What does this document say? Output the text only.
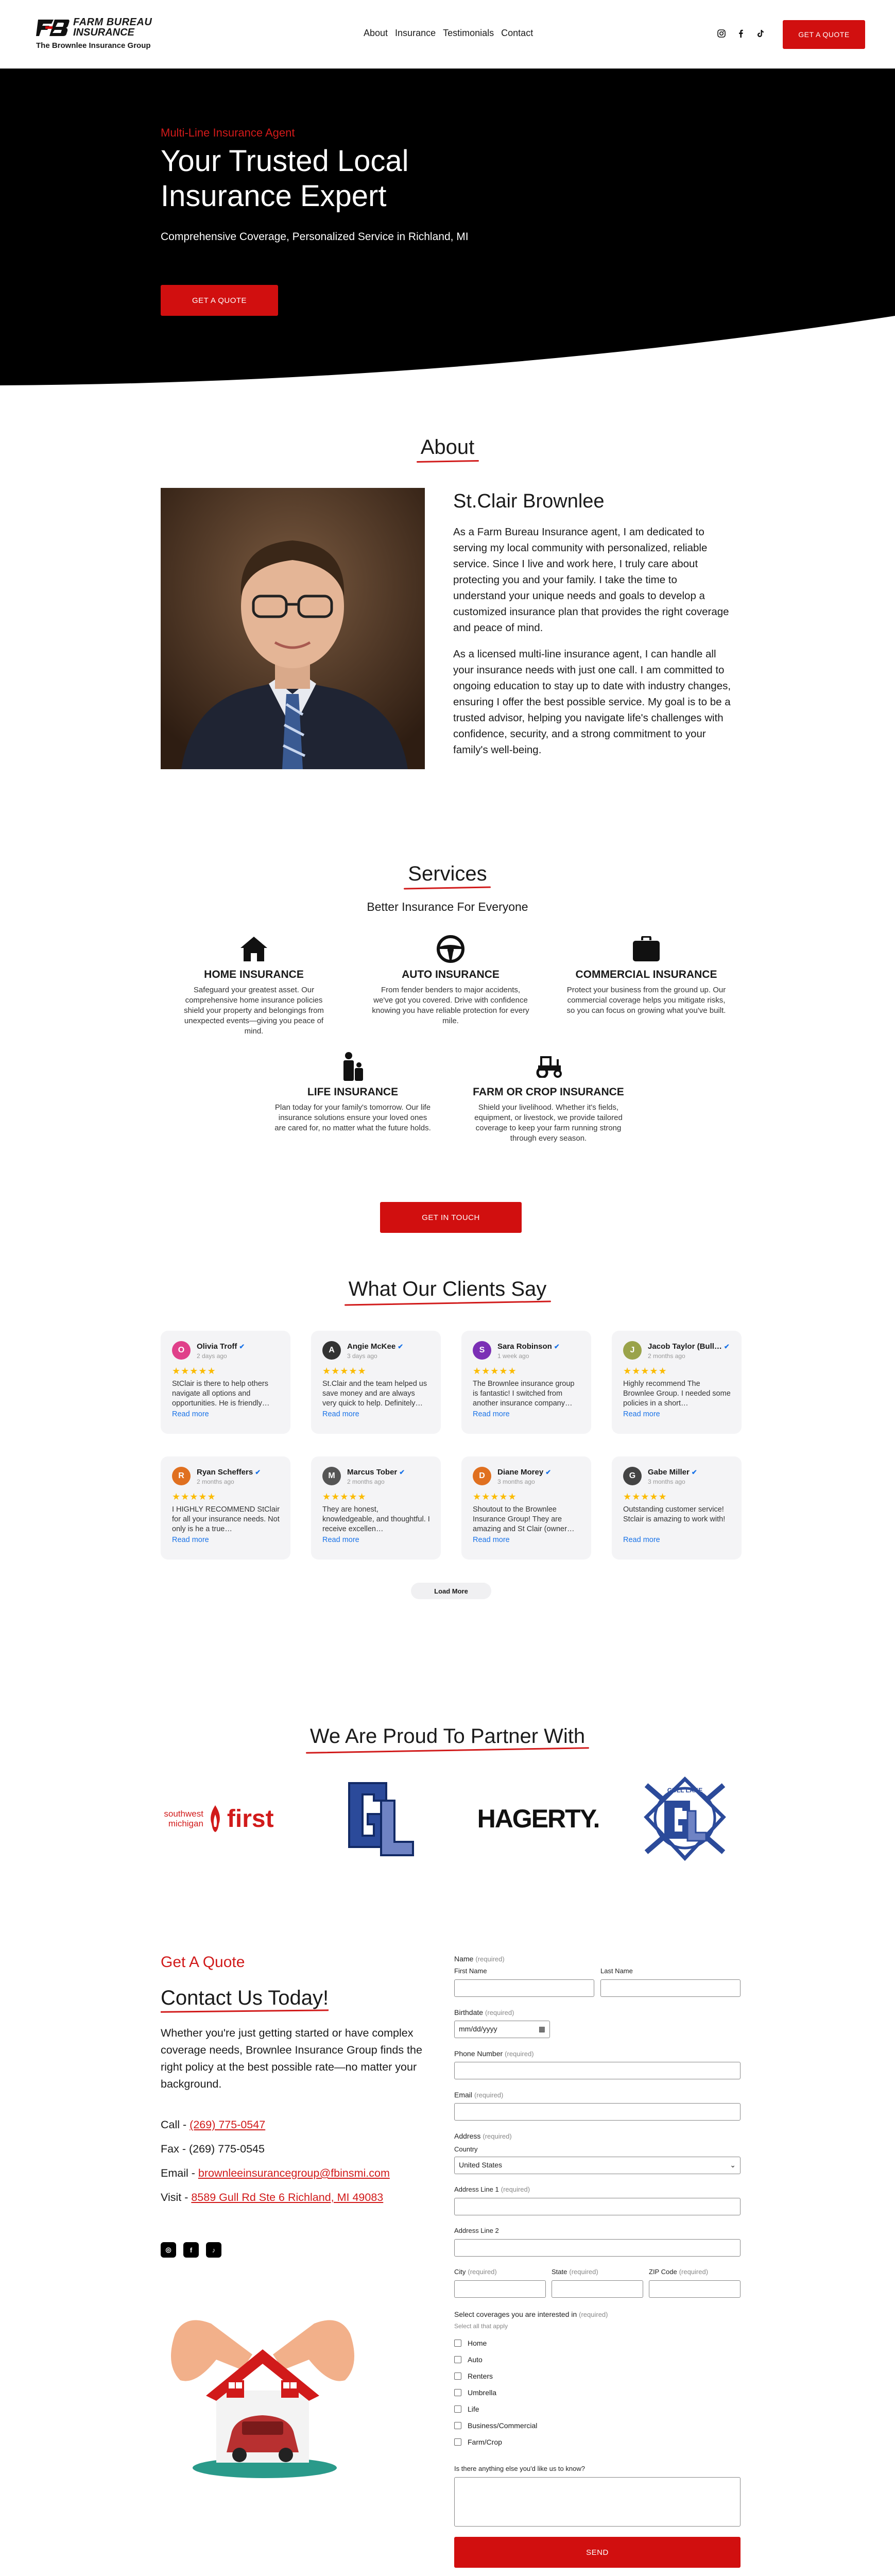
FARM BUREAU
INSURANCE
The Brownlee Insurance Group
About Insurance Testimonials Contact	GET A QUOTE
Multi-Line Insurance Agent
Your Trusted Local Insurance Expert
Comprehensive Coverage, Personalized Service in Richland, MI
GET A QUOTE
About
St.Clair Brownlee

As a Farm Bureau Insurance agent, I am dedicated to serving my local community with personalized, reliable service. Since I live and work here, I truly care about protecting you and your family. I take the time to understand your unique needs and goals to develop a customized insurance plan that provides the right coverage and peace of mind.

As a licensed multi-line insurance agent, I can handle all your insurance needs with just one call. I am committed to ongoing education to stay up to date with industry changes, ensuring I offer the best possible service. My goal is to be a trusted advisor, helping you navigate life's challenges with confidence, security, and a strong commitment to your family's well-being.

Services
Better Insurance For Everyone
HOME INSURANCE

Safeguard your greatest asset. Our comprehensive home insurance policies shield your property and belongings from unexpected events—giving you peace of mind.

AUTO INSURANCE

From fender benders to major accidents, we've got you covered. Drive with confidence knowing you have reliable protection for every mile.

COMMERCIAL INSURANCE

Protect your business from the ground up. Our commercial coverage helps you mitigate risks, so you can focus on growing what you've built.

LIFE INSURANCE

Plan today for your family's tomorrow. Our life insurance solutions ensure your loved ones are cared for, no matter what the future holds.

FARM OR CROP INSURANCE

Shield your livelihood. Whether it's fields, equipment, or livestock, we provide tailored coverage to keep your farm running strong through every season.

GET IN TOUCH
What Our Clients Say
O	Olivia Troff ✔
2 days ago
★★★★★
StClair is there to help others navigate all options and opportunities. He is friendly…
Read more
A	Angie McKee ✔
3 days ago
★★★★★
St.Clair and the team helped us save money and are always very quick to help. Definitely…
Read more
S	Sara Robinson ✔
1 week ago
★★★★★
The Brownlee insurance group is fantastic! I switched from another insurance company…
Read more
J	Jacob Taylor (Bull… ✔
2 months ago
★★★★★
Highly recommend The Brownlee Group. I needed some policies in a short…
Read more
R	Ryan Scheffers ✔
2 months ago
★★★★★
I HIGHLY RECOMMEND StClair for all your insurance needs. Not only is he a true…
Read more
M	Marcus Tober ✔
2 months ago
★★★★★
They are honest, knowledgeable, and thoughtful. I receive excellen…
Read more
D	Diane Morey ✔
3 months ago
★★★★★
Shoutout to the Brownlee Insurance Group! They are amazing and St Clair (owner…
Read more
G	Gabe Miller ✔
3 months ago
★★★★★
Outstanding customer service! Stclair is amazing to work with!
Read more
Load More
We Are Proud To Partner With
southwest
michigan first	HAGERTY.
GULL LAKE
Get A Quote
Contact Us Today!

Whether you're just getting started or have complex coverage needs, Brownlee Insurance Group finds the right policy at the best possible rate—no matter your background.

Call - (269) 775-0547
Fax - (269) 775-0545
Email - brownleeinsurancegroup@fbinsmi.com
Visit - 8589 Gull Rd Ste 6 Richland, MI 49083
◎	f	♪
Name (required)
First Name	Last Name
Birthdate (required)
mm/dd/yyyy	▦
Phone Number (required)
Email (required)
Address (required)
Country
United States	⌄
Address Line 1 (required)
Address Line 2
City (required)	State (required)	ZIP Code (required)
Select coverages you are interested in (required)
Select all that apply
Home
Auto
Renters
Umbrella
Life
Business/Commercial
Farm/Crop
Is there anything else you'd like us to know?
SEND
